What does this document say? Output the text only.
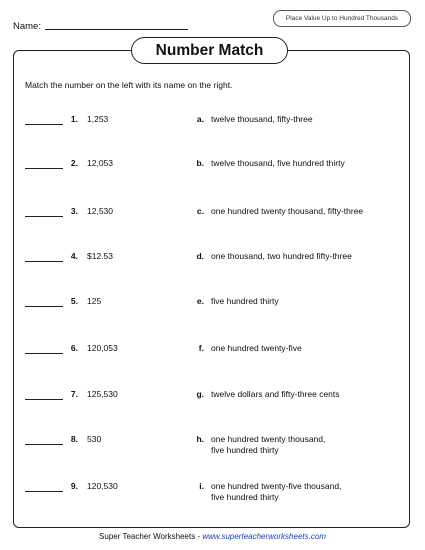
Name:
Place Value Up to Hundred Thousands
Number Match
Match the number on the left with its name on the right.
1. 1,253	a. twelve thousand, fifty-three

2. 12,053	b. twelve thousand, five hundred thirty

3. 12,530	c. one hundred twenty thousand, fifty-three

4. $12.53	d. one thousand, two hundred fifty-three

5. 125	e. five hundred thirty

6. 120,053	f. one hundred twenty-five

7. 125,530	g. twelve dollars and fifty-three cents

8. 530	h. one hundred twenty thousand,
five hundred thirty
9. 120,530	i. one hundred twenty-five thousand,
five hundred thirty
Super Teacher Worksheets - www.superteacherworksheets.com
